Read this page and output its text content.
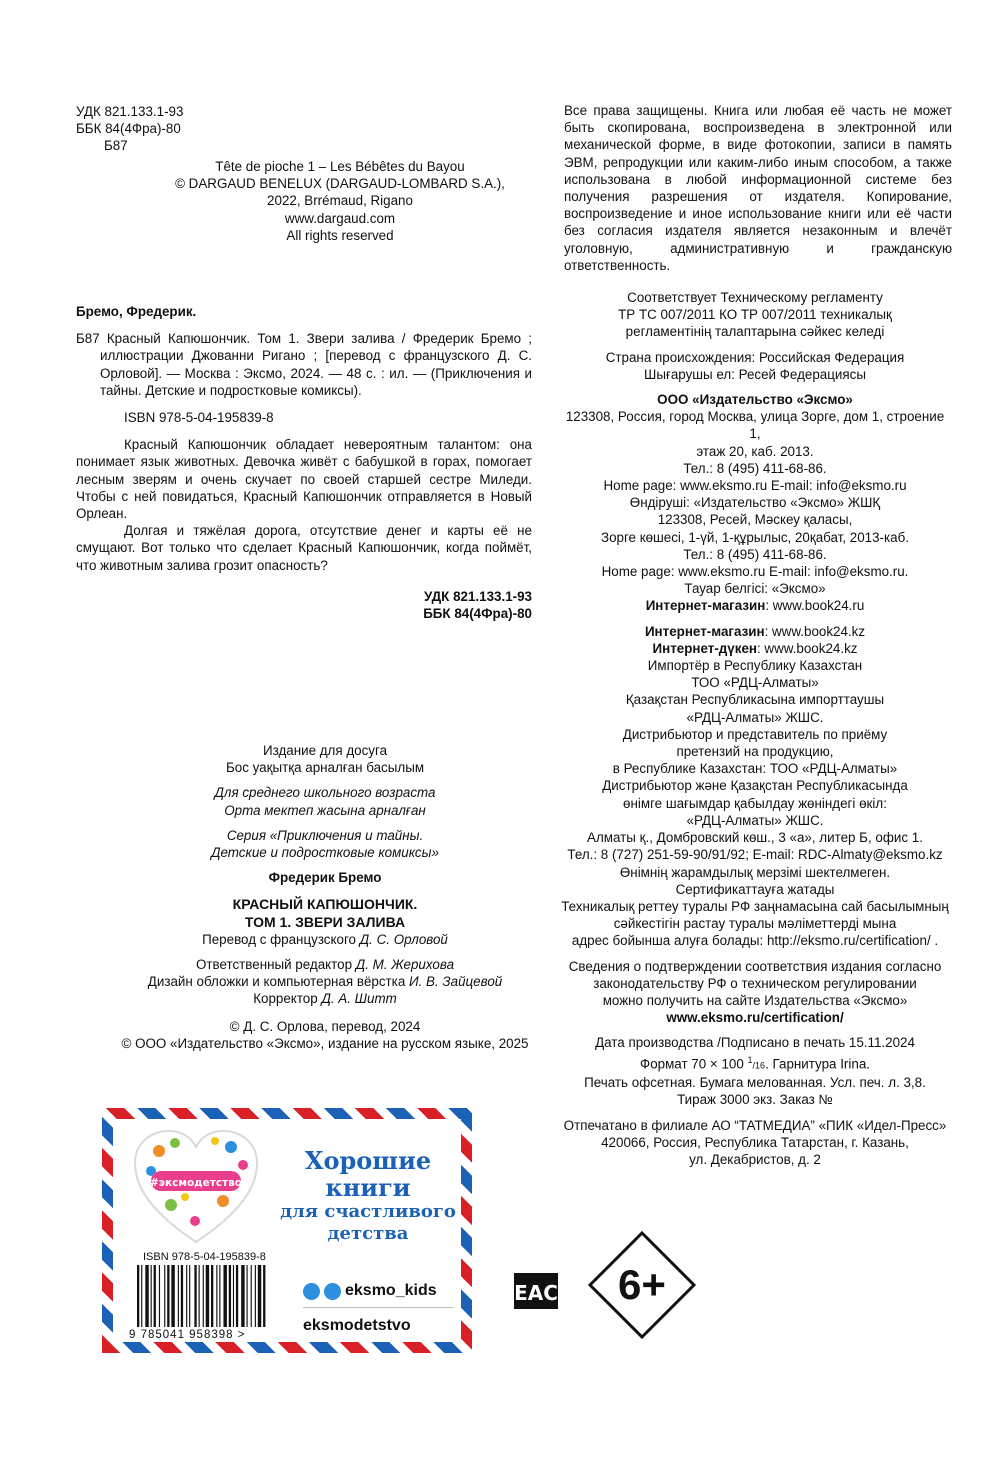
УДК 821.133.1-93
ББК 84(4Фра)-80
Б87
Tête de pioche 1 – Les Bébêtes du Bayou
© DARGAUD BENELUX (DARGAUD-LOMBARD S.A.),
2022, Brrémaud, Rigano
www.dargaud.com
All rights reserved
Все права защищены. Книга или любая её часть не может быть скопирована, воспроизведена в электронной или механической форме, в виде фотокопии, записи в память ЭВМ, репродукции или каким-либо иным способом, а также использована в любой информационной системе без получения разрешения от издателя. Копирование, воспроизведение и иное использование книги или её части без согласия издателя является незаконным и влечёт уголовную, административную и гражданскую ответственность.
Бремо, Фредерик.
Б87 Красный Капюшончик. Том 1. Звери залива / Фредерик Бремо ; иллюстрации Джованни Ригано ; [перевод с французского Д. С. Орловой]. — Москва : Эксмо, 2024. — 48 с. : ил. — (Приключения и тайны. Детские и подростковые комиксы).
ISBN 978-5-04-195839-8
Красный Капюшончик обладает невероятным талантом: она понимает язык животных. Девочка живёт с бабушкой в горах, помогает лесным зверям и очень скучает по своей старшей сестре Миледи. Чтобы с ней повидаться, Красный Капюшончик отправляется в Новый Орлеан.
Долгая и тяжёлая дорога, отсутствие денег и карты её не смущают. Вот только что сделает Красный Капюшончик, когда поймёт, что животным залива грозит опасность?
УДК 821.133.1-93
ББК 84(4Фра)-80
Издание для досуга
Бос уақытқа арналған басылым
Для среднего школьного возраста
Орта мектеп жасына арналған
Серия «Приключения и тайны.
Детские и подростковые комиксы»
Фредерик Бремо
КРАСНЫЙ КАПЮШОНЧИК.
ТОМ 1. ЗВЕРИ ЗАЛИВА
Перевод с французского Д. С. Орловой
Ответственный редактор Д. М. Жерихова
Дизайн обложки и компьютерная вёрстка И. В. Зайцевой
Корректор Д. А. Шитт
© Д. С. Орлова, перевод, 2024
© ООО «Издательство «Эксмо», издание на русском языке, 2025
Соответствует Техническому регламенту
ТР ТС 007/2011 КО ТР 007/2011 техникалық
регламентінің талаптарына сәйкес келеді
Страна происхождения: Российская Федерация
Шығарушы ел: Ресей Федерациясы
ООО «Издательство «Эксмо»
123308, Россия, город Москва, улица Зорге, дом 1, строение 1,
этаж 20, каб. 2013.
Тел.: 8 (495) 411-68-86.
Home page: www.eksmo.ru E-mail: info@eksmo.ru
Өндіруші: «Издательство «Эксмо» ЖШҚ
123308, Ресей, Мәскеу қаласы,
Зорге көшесі, 1-үй, 1-құрылыс, 20қабат, 2013-каб.
Тел.: 8 (495) 411-68-86.
Home page: www.eksmo.ru E-mail: info@eksmo.ru.
Тауар белгісі: «Эксмо»
Интернет-магазин: www.book24.ru
Интернет-магазин: www.book24.kz
Интернет-дүкен: www.book24.kz
Импортёр в Республику Казахстан
ТОО «РДЦ-Алматы»
Қазақстан Республикасына импорттаушы
«РДЦ-Алматы» ЖШС.
Дистрибьютор и представитель по приёму
претензий на продукцию,
в Республике Казахстан: ТОО «РДЦ-Алматы»
Дистрибьютор және Қазақстан Республикасында
өнімге шағымдар қабылдау жөніндегі өкіл:
«РДЦ-Алматы» ЖШС.
Алматы қ., Домбровский көш., 3 «а», литер Б, офис 1.
Тел.: 8 (727) 251-59-90/91/92; E-mail: RDC-Almaty@eksmo.kz
Өнімнің жарамдылық мерзімі шектелмеген.
Сертификаттауға жатады
Техникалық реттеу туралы РФ заңнамасына сай басылымның
сәйкестігін растау туралы мәліметтерді мына
адрес бойынша алуға болады: http://eksmo.ru/certification/ .
Сведения о подтверждении соответствия издания согласно
законодательству РФ о техническом регулировании
можно получить на сайте Издательства «Эксмо»
www.eksmo.ru/certification/
Дата производства /Подписано в печать 15.11.2024
Формат 70 × 100 $^1$/16. Гарнитура Irina.
Печать офсетная. Бумага мелованная. Усл. печ. л. 3,8.
Тираж 3000 экз. Заказ №
Отпечатано в филиале АО “ТАТМЕДИА” «ПИК «Идел-Пресс»
420066, Россия, Республика Татарстан, г. Казань,
ул. Декабристов, д. 2
#эксмодетство
Хорошие
книги
для счастливого
детства
ISBN 978-5-04-195839-8
9 785041 958398 >
eksmo_kids
eksmodetstvo
EAC 6+
